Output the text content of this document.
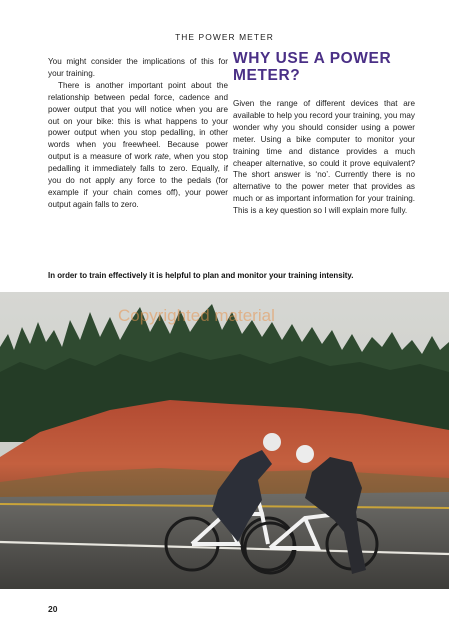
THE POWER METER

You might consider the implications of this for your training.

There is another important point about the relationship between pedal force, cadence and power output that you will notice when you are out on your bike: this is what happens to your power output when you stop pedalling, in other words when you freewheel. Because power output is a measure of work rate, when you stop pedalling it immediately falls to zero. Equally, if you do not apply any force to the pedals (for example if your chain comes off), your power output again falls to zero.

WHY USE A POWER METER?

Given the range of different devices that are available to help you record your training, you may wonder why you should consider using a power meter. Using a bike computer to monitor your training time and distance provides a much cheaper alternative, so could it prove equivalent? The short answer is ‘no’. Currently there is no alternative to the power meter that provides as much or as important information for your training. This is a key question so I will explain more fully.

In order to train effectively it is helpful to plan and monitor your training intensity.
Copyrighted material
20
